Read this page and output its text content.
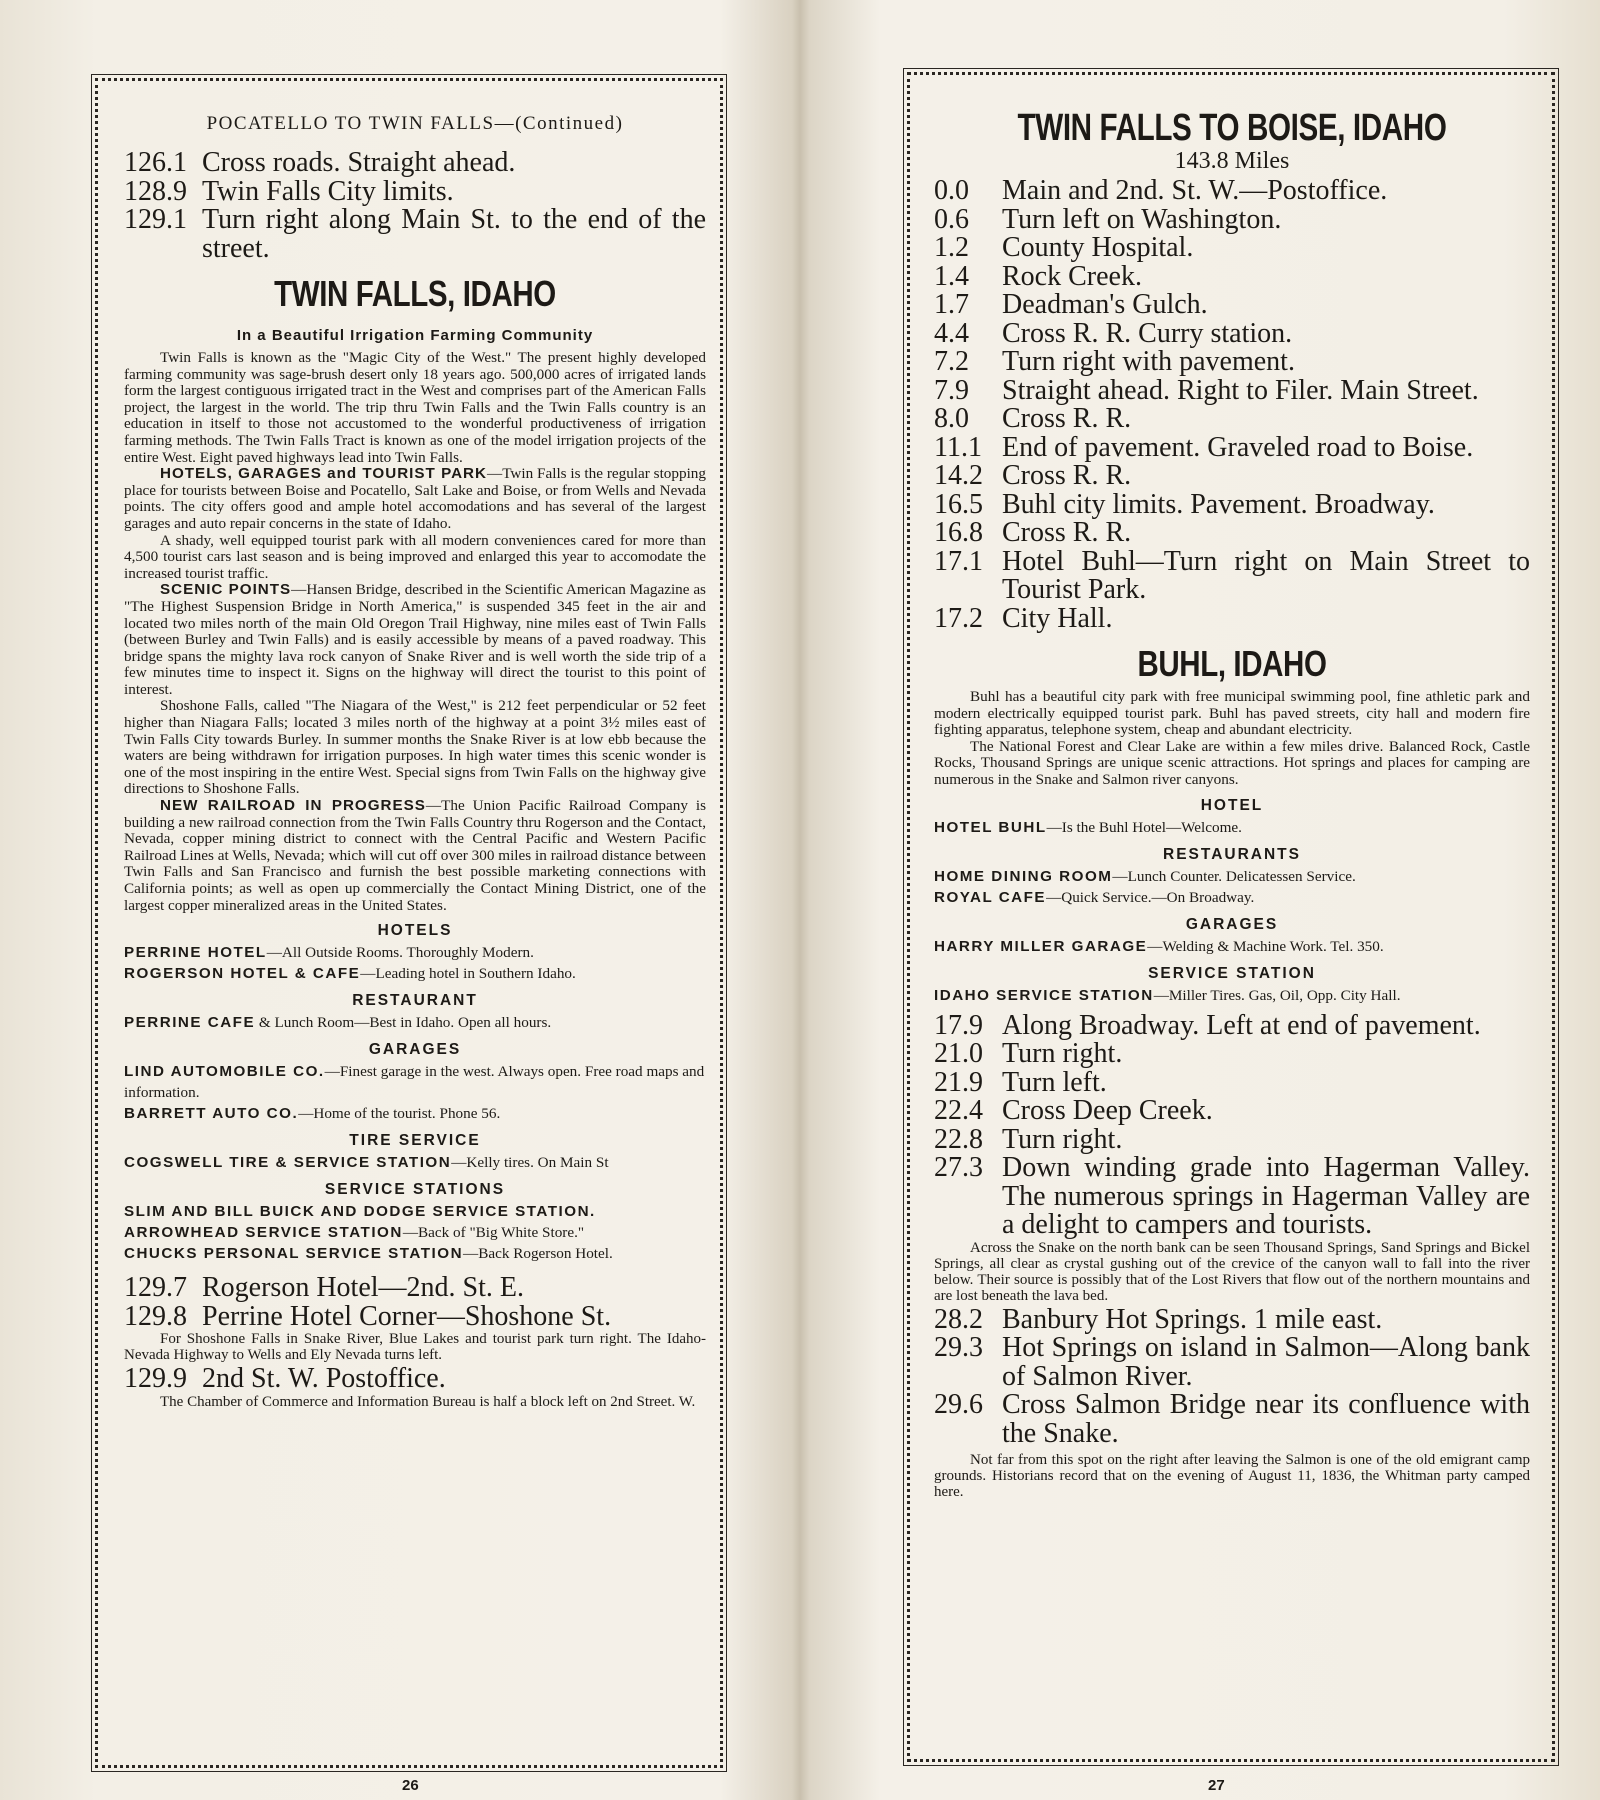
POCATELLO TO TWIN FALLS—(Continued)
126.1 Cross roads. Straight ahead.
128.9 Twin Falls City limits.
129.1 Turn right along Main St. to the end of the street.
TWIN FALLS, IDAHO
In a Beautiful Irrigation Farming Community

Twin Falls is known as the "Magic City of the West." The present highly developed farming community was sage-brush desert only 18 years ago. 500,000 acres of irrigated lands form the largest contiguous irrigated tract in the West and comprises part of the American Falls project, the largest in the world. The trip thru Twin Falls and the Twin Falls country is an education in itself to those not accustomed to the wonderful productiveness of irrigation farming methods. The Twin Falls Tract is known as one of the model irrigation projects of the entire West. Eight paved highways lead into Twin Falls.

HOTELS, GARAGES and TOURIST PARK—Twin Falls is the regular stopping place for tourists between Boise and Pocatello, Salt Lake and Boise, or from Wells and Nevada points. The city offers good and ample hotel accomodations and has several of the largest garages and auto repair concerns in the state of Idaho.

A shady, well equipped tourist park with all modern conveniences cared for more than 4,500 tourist cars last season and is being improved and enlarged this year to accomodate the increased tourist traffic.

SCENIC POINTS—Hansen Bridge, described in the Scientific American Magazine as "The Highest Suspension Bridge in North America," is suspended 345 feet in the air and located two miles north of the main Old Oregon Trail Highway, nine miles east of Twin Falls (between Burley and Twin Falls) and is easily accessible by means of a paved roadway. This bridge spans the mighty lava rock canyon of Snake River and is well worth the side trip of a few minutes time to inspect it. Signs on the highway will direct the tourist to this point of interest.

Shoshone Falls, called "The Niagara of the West," is 212 feet perpendicular or 52 feet higher than Niagara Falls; located 3 miles north of the highway at a point 3½ miles east of Twin Falls City towards Burley. In summer months the Snake River is at low ebb because the waters are being withdrawn for irrigation purposes. In high water times this scenic wonder is one of the most inspiring in the entire West. Special signs from Twin Falls on the highway give directions to Shoshone Falls.

NEW RAILROAD IN PROGRESS—The Union Pacific Railroad Company is building a new railroad connection from the Twin Falls Country thru Rogerson and the Contact, Nevada, copper mining district to connect with the Central Pacific and Western Pacific Railroad Lines at Wells, Nevada; which will cut off over 300 miles in railroad distance between Twin Falls and San Francisco and furnish the best possible marketing connections with California points; as well as open up commercially the Contact Mining District, one of the largest copper mineralized areas in the United States.

HOTELS

PERRINE HOTEL—All Outside Rooms. Thoroughly Modern.

ROGERSON HOTEL & CAFE—Leading hotel in Southern Idaho.

RESTAURANT

PERRINE CAFE & Lunch Room—Best in Idaho. Open all hours.

GARAGES

LIND AUTOMOBILE CO.—Finest garage in the west. Always open. Free road maps and information.

BARRETT AUTO CO.—Home of the tourist. Phone 56.

TIRE SERVICE

COGSWELL TIRE & SERVICE STATION—Kelly tires. On Main St

SERVICE STATIONS

SLIM AND BILL BUICK AND DODGE SERVICE STATION.

ARROWHEAD SERVICE STATION—Back of "Big White Store."

CHUCKS PERSONAL SERVICE STATION—Back Rogerson Hotel.

129.7 Rogerson Hotel—2nd. St. E.
129.8 Perrine Hotel Corner—Shoshone St.

For Shoshone Falls in Snake River, Blue Lakes and tourist park turn right. The Idaho-Nevada Highway to Wells and Ely Nevada turns left.

129.9 2nd St. W. Postoffice.

The Chamber of Commerce and Information Bureau is half a block left on 2nd Street. W.

26
TWIN FALLS TO BOISE, IDAHO
143.8 Miles
0.0	Main and 2nd. St. W.—Postoffice.
0.6	Turn left on Washington.
1.2	County Hospital.
1.4	Rock Creek.
1.7	Deadman's Gulch.
4.4	Cross R. R. Curry station.
7.2	Turn right with pavement.
7.9	Straight ahead. Right to Filer. Main Street.
8.0	Cross R. R.
11.1 End of pavement. Graveled road to Boise.
14.2 Cross R. R.
16.5 Buhl city limits. Pavement. Broadway.
16.8 Cross R. R.
17.1 Hotel Buhl—Turn right on Main Street to Tourist Park.
17.2 City Hall.
BUHL, IDAHO

Buhl has a beautiful city park with free municipal swimming pool, fine athletic park and modern electrically equipped tourist park. Buhl has paved streets, city hall and modern fire fighting apparatus, telephone system, cheap and abundant electricity.

The National Forest and Clear Lake are within a few miles drive. Balanced Rock, Castle Rocks, Thousand Springs are unique scenic attractions. Hot springs and places for camping are numerous in the Snake and Salmon river canyons.

HOTEL

HOTEL BUHL—Is the Buhl Hotel—Welcome.

RESTAURANTS

HOME DINING ROOM—Lunch Counter. Delicatessen Service.

ROYAL CAFE—Quick Service.—On Broadway.

GARAGES

HARRY MILLER GARAGE—Welding & Machine Work. Tel. 350.

SERVICE STATION

IDAHO SERVICE STATION—Miller Tires. Gas, Oil, Opp. City Hall.

17.9 Along Broadway. Left at end of pavement.
21.0 Turn right.
21.9 Turn left.
22.4 Cross Deep Creek.
22.8 Turn right.
27.3 Down winding grade into Hagerman Valley. The numerous springs in Hagerman Valley are a delight to campers and tourists.

Across the Snake on the north bank can be seen Thousand Springs, Sand Springs and Bickel Springs, all clear as crystal gushing out of the crevice of the canyon wall to fall into the river below. Their source is possibly that of the Lost Rivers that flow out of the northern mountains and are lost beneath the lava bed.

28.2 Banbury Hot Springs. 1 mile east.
29.3 Hot Springs on island in Salmon—Along bank of Salmon River.
29.6 Cross Salmon Bridge near its confluence with the Snake.

Not far from this spot on the right after leaving the Salmon is one of the old emigrant camp grounds. Historians record that on the evening of August 11, 1836, the Whitman party camped here.

27
